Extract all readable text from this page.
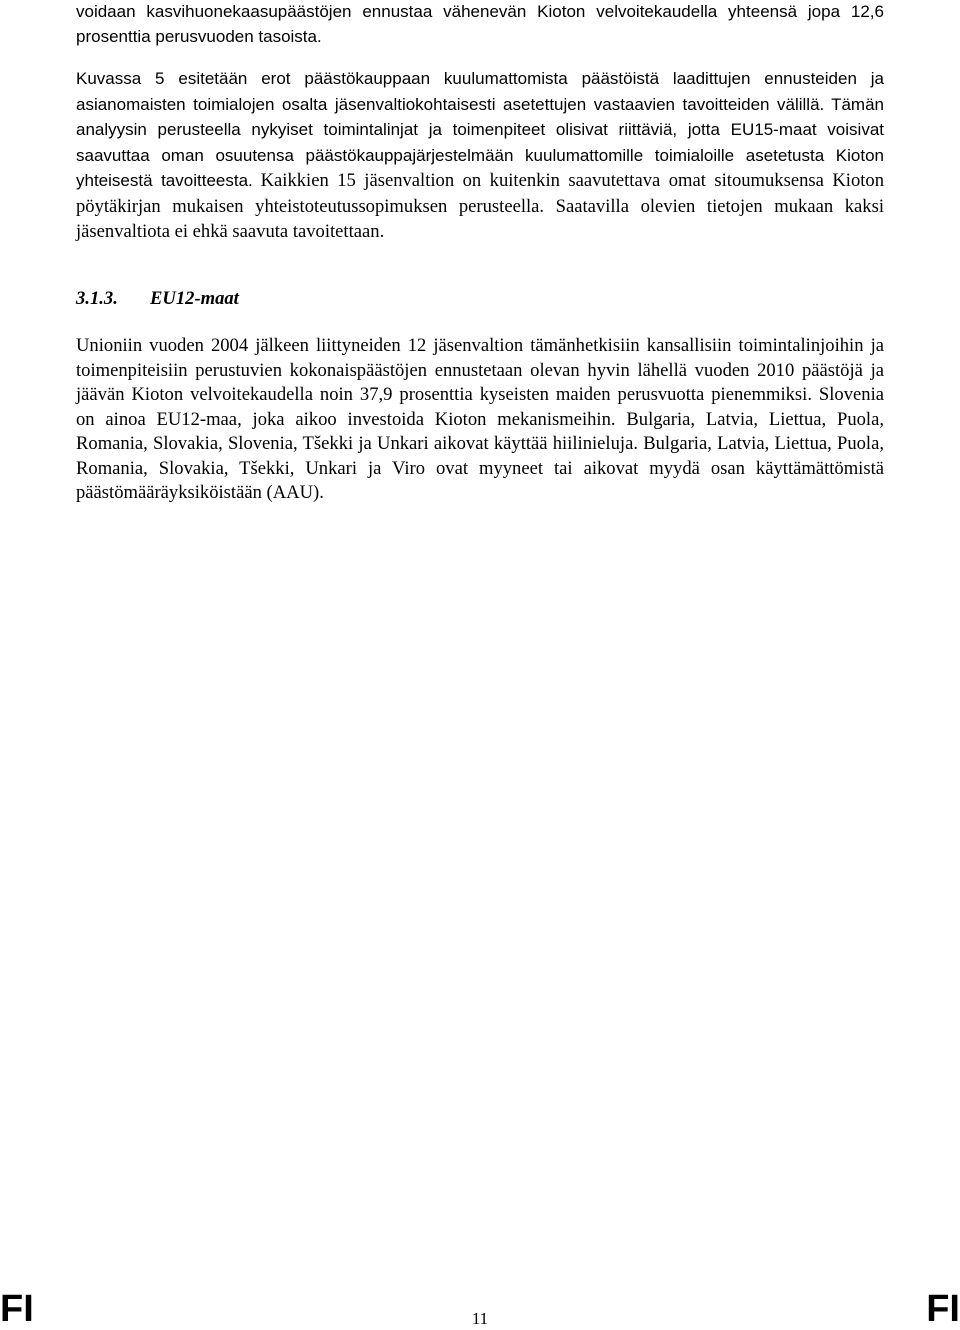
voidaan kasvihuonekaasupäästöjen ennustaa vähenevän Kioton velvoitekaudella yhteensä jopa 12,6 prosenttia perusvuoden tasoista.

Kuvassa 5 esitetään erot päästökauppaan kuulumattomista päästöistä laadittujen ennusteiden ja asianomaisten toimialojen osalta jäsenvaltiokohtaisesti asetettujen vastaavien tavoitteiden välillä. Tämän analyysin perusteella nykyiset toimintalinjat ja toimenpiteet olisivat riittäviä, jotta EU15-maat voisivat saavuttaa oman osuutensa päästökauppajärjestelmään kuulumattomille toimialoille asetetusta Kioton yhteisestä tavoitteesta. Kaikkien 15 jäsenvaltion on kuitenkin saavutettava omat sitoumuksensa Kioton pöytäkirjan mukaisen yhteistoteutussopimuksen perusteella. Saatavilla olevien tietojen mukaan kaksi jäsenvaltiota ei ehkä saavuta tavoitettaan.

3.1.3. EU12-maat

Unioniin vuoden 2004 jälkeen liittyneiden 12 jäsenvaltion tämänhetkisiin kansallisiin toimintalinjoihin ja toimenpiteisiin perustuvien kokonaispäästöjen ennustetaan olevan hyvin lähellä vuoden 2010 päästöjä ja jäävän Kioton velvoitekaudella noin 37,9 prosenttia kyseisten maiden perusvuotta pienemmiksi. Slovenia on ainoa EU12-maa, joka aikoo investoida Kioton mekanismeihin. Bulgaria, Latvia, Liettua, Puola, Romania, Slovakia, Slovenia, Tšekki ja Unkari aikovat käyttää hiilinieluja. Bulgaria, Latvia, Liettua, Puola, Romania, Slovakia, Tšekki, Unkari ja Viro ovat myyneet tai aikovat myydä osan käyttämättömistä päästömääräyksiköistään (AAU).

FI	11	FI
